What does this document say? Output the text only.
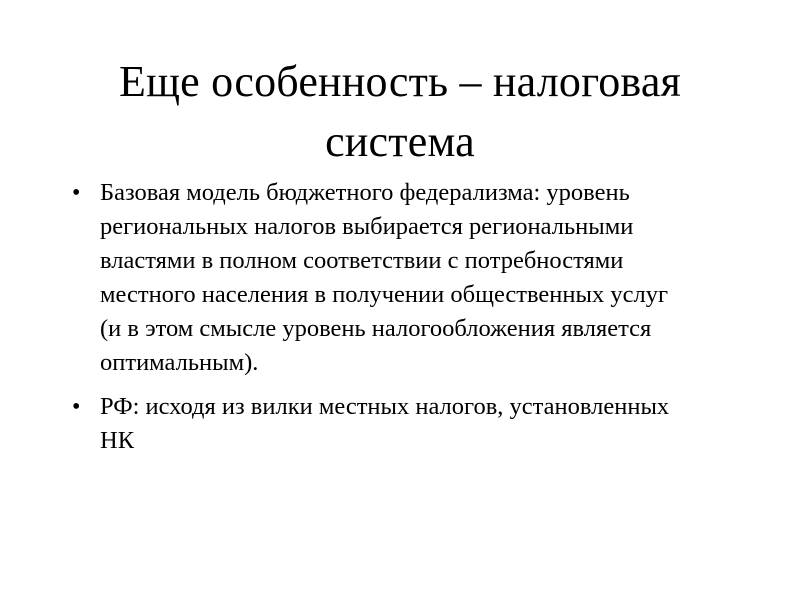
Еще особенность – налоговая
система
• Базовая модель бюджетного федерализма: уровень
региональных налогов выбирается региональными
властями в полном соответствии с потребностями
местного населения в получении общественных услуг
(и в этом смысле уровень налогообложения является
оптимальным).
• РФ: исходя из вилки местных налогов, установленных
НК
